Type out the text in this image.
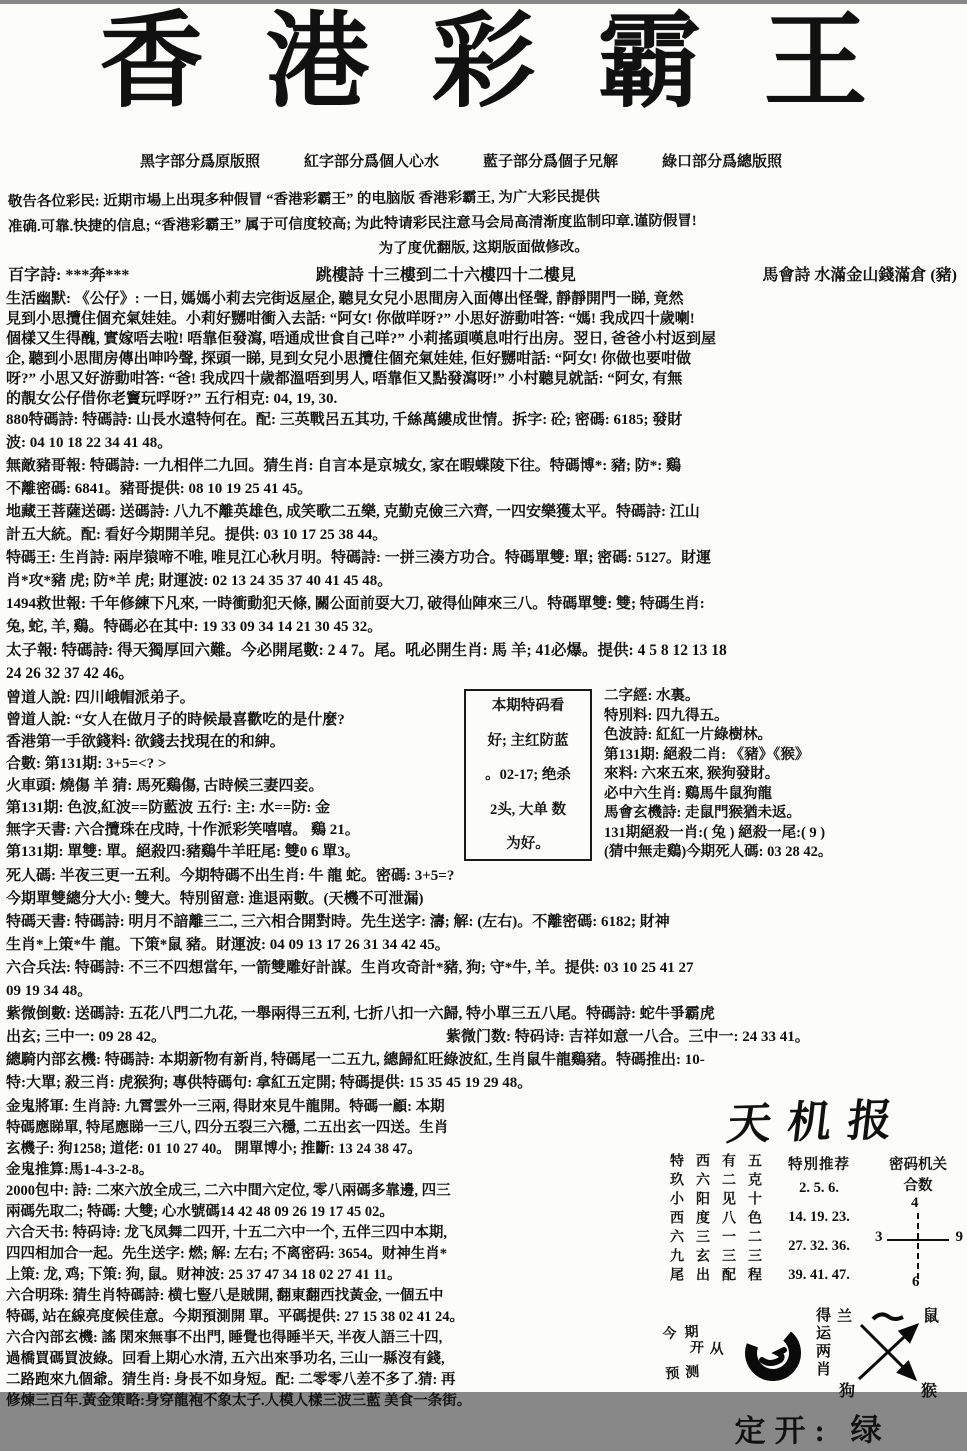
香港彩霸王
黑字部分爲原版照	紅字部分爲個人心水	藍子部分爲個子兄解	綠口部分爲總版照

敬告各位彩民: 近期市場上出現多种假冒 “香港彩霸王” 的电脑版 香港彩霸王, 为广大彩民提供

准确.可靠.快捷的信息; “香港彩霸王” 属于可信度较高; 为此特请彩民注意马会局高清渐度监制印章.谨防假冒!

为了度优翻版, 这期版面做修改。

百字詩: ***奔***	跳樓詩 十三樓到二十六樓四十二樓見	馬會詩 水滿金山錢滿倉 (豬)

生活幽默: 《公仔》: 一日, 媽媽小莉去完街返屋企, 聽見女兒小思間房入面傳出怪聲, 靜靜開門一睇, 竟然

見到小思攬住個充氣娃娃。小莉好嬲咁衝入去話: “阿女! 你做咩呀?” 小思好游動咁答: “媽! 我成四十歲喇!

個樣又生得醜, 實嫁唔去啦! 唔靠佢發瀉, 唔通成世食自己咩?” 小莉搖頭嘆息咁行出房。翌日, 爸爸小村返到屋

企, 聽到小思間房傳出呻吟聲, 探頭一睇, 見到女兒小思攬住個充氣娃娃, 佢好嬲咁話: “阿女! 你做也要咁做

呀?” 小思又好游動咁答: “爸! 我成四十歲都溫唔到男人, 唔靠佢又點發瀉呀!” 小村聽見就話: “阿女, 有無

的靚女公仔借你老竇玩哹呀?” 五行相克: 04, 19, 30.

880特碼詩: 特碼詩: 山長水遠特何在。配: 三英戰呂五其功, 千絲萬縷成世情。拆字: 砼; 密碼: 6185; 發財

波: 04 10 18 22 34 41 48。

無敵豬哥報: 特碼詩: 一九相伴二九回。猜生肖: 自言本是京城女, 家在暇蝶陵下往。特碼博*: 豬; 防*: 鷄

不離密碼: 6841。豬哥提供: 08 10 19 25 41 45。

地藏王菩薩送碼: 送碼詩: 八九不離英雄色, 成笑歌二五樂, 克勤克儉三六齊, 一四安樂獲太平。特碼詩: 江山

計五大統。配: 看好今期開羊兒。提供: 03 10 17 25 38 44。

特碼王: 生肖詩: 兩岸猿啼不唯, 唯見江心秋月明。特碼詩: 一拼三湊方功合。特碼單雙: 單; 密碼: 5127。財運

肖*攻*豬 虎; 防*羊 虎; 財運波: 02 13 24 35 37 40 41 45 48。

1494救世報: 千年修練下凡來, 一時衝動犯天條, 關公面前耍大刀, 破得仙陣來三八。特碼單雙: 雙; 特碼生肖:

兔, 蛇, 羊, 鷄。特碼必在其中: 19 33 09 34 14 21 30 45 32。

太子報: 特碼詩: 得天獨厚回六難。今必開尾數: 2 4 7。尾。吼必開生肖: 馬 羊; 41必爆。提供: 4 5 8 12 13 18

24 26 32 37 42 46。

曾道人說: 四川峨帽派弟子。

曾道人說: “女人在做月子的時候最喜歡吃的是什麼?

香港第一手欲錢料: 欲錢去找現在的和紳。

合數: 第131期: 3+5=<? >

火車頭: 燒傷 羊 猜: 馬死鷄傷, 古時候三妻四妾。

第131期: 色波,紅波==防藍波 五行: 主: 水==防: 金

無字天書: 六合攬珠在戌時, 十作派彩笑嘻嘻。 鷄 21。

第131期: 單雙: 單。絕殺四:豬鷄牛羊旺尾: 雙0 6 單3。

本期特码看

好; 主红防蓝

。02-17; 绝杀

2头, 大单 数

为好。

二字經: 水裏。

特別料: 四九得五。

色波詩: 紅紅一片綠樹林。

第131期: 絕殺二肖: 《豬》《猴》

來料: 六來五來, 猴狗發財。

必中六生肖: 鷄馬牛鼠狗龍

馬會玄機詩: 走鼠門猴猶未返。

131期絕殺一肖:( 兔 ) 絕殺一尾:( 9 )

(猜中無走鷄)今期死人碼: 03 28 42。

死人碼: 半夜三更一五利。今期特碼不出生肖: 牛 龍 蛇。密碼: 3+5=?

今期單雙總分大小: 雙大。特別留意: 進退兩數。(天機不可泄漏)

特碼天書: 特碼詩: 明月不諳離三二, 三六相合開對時。先生送字: 濤; 解: (左右)。不離密碼: 6182; 財神

生肖*上策*牛 龍。下策*鼠 豬。財運波: 04 09 13 17 26 31 34 42 45。

六合兵法: 特碼詩: 不三不四想當年, 一箭雙雕好計謀。生肖攻奇計*豬, 狗; 守*牛, 羊。提供: 03 10 25 41 27

09 19 34 48。

紫微倒數: 送碼詩: 五花八門二九花, 一舉兩得三五利, 七折八扣一六歸, 特小單三五八尾。特碼詩: 蛇牛爭霸虎

出玄; 三中一: 09 28 42。	紫微门数: 特码诗: 吉祥如意一八合。三中一: 24 33 41。

總騎内部玄機: 特碼詩: 本期新物有新肖, 特碼尾一二五九, 總歸紅旺綠波紅, 生肖鼠牛龍鷄豬。特碼推出: 10-

特:大單; 殺三肖: 虎猴狗; 專供特碼句: 拿紅五定開; 特碼提供: 15 35 45 19 29 48。

金鬼將軍: 生肖詩: 九霄雲外一三兩, 得財來見牛龍開。特碼一顧: 本期

特碼應睇單, 特尾應睇一三八, 四分五裂三六穩, 二五出玄一四送。生肖

玄機子: 狗1258; 道佬: 01 10 27 40。 開單博小; 推斷: 13 24 38 47。

金鬼推算:馬1-4-3-2-8。

2000包中: 詩: 二來六放全成三, 二六中間六定位, 零八兩碼多靠邊, 四三

兩碼先取二; 特碼: 大雙; 心水號碼14 42 48 09 26 19 17 45 02。

六合天书: 特码诗: 龙飞凤舞二四开, 十五二六中一个, 五伴三四中本期,

四四相加合一起。先生送字: 燃; 解: 左右; 不离密码: 3654。财神生肖*

上策: 龙, 鸡; 下策: 狗, 鼠。财神波: 25 37 47 34 18 02 27 41 11。

六合明珠: 猜生肖特碼詩: 横七豎八是賊開, 翻東翻西找黃金, 一個五中

特碼, 站在線亮度候佳意。今期預測開 單。平碼提供: 27 15 38 02 41 24。

六合內部玄機: 謠 閑來無事不出門, 睡覺也得睡半天, 半夜人語三十四,

過橋買碼買波綠。回看上期心水清, 五六出來爭功名, 三山一縣沒有錢,

二路跑來九個爺。猜生肖: 身長不如身短。配: 二零零八差不多了.猜: 再

修煉三百年.黃金策略:身穿龍袍不象太子.人模人樣三波三藍 美食一条街。

天机报
特玖小西六九尾 西六阳度三玄出 有二见八一三配 五克十色二三程	特別推荐

2. 5. 6.

14. 19. 23.

27. 32. 36.

39. 41. 47.

密码机关
合数
4
3	9
6
今期
开从
预测	得运两肖 兰	鼠
狗	猴
定开: 绿
